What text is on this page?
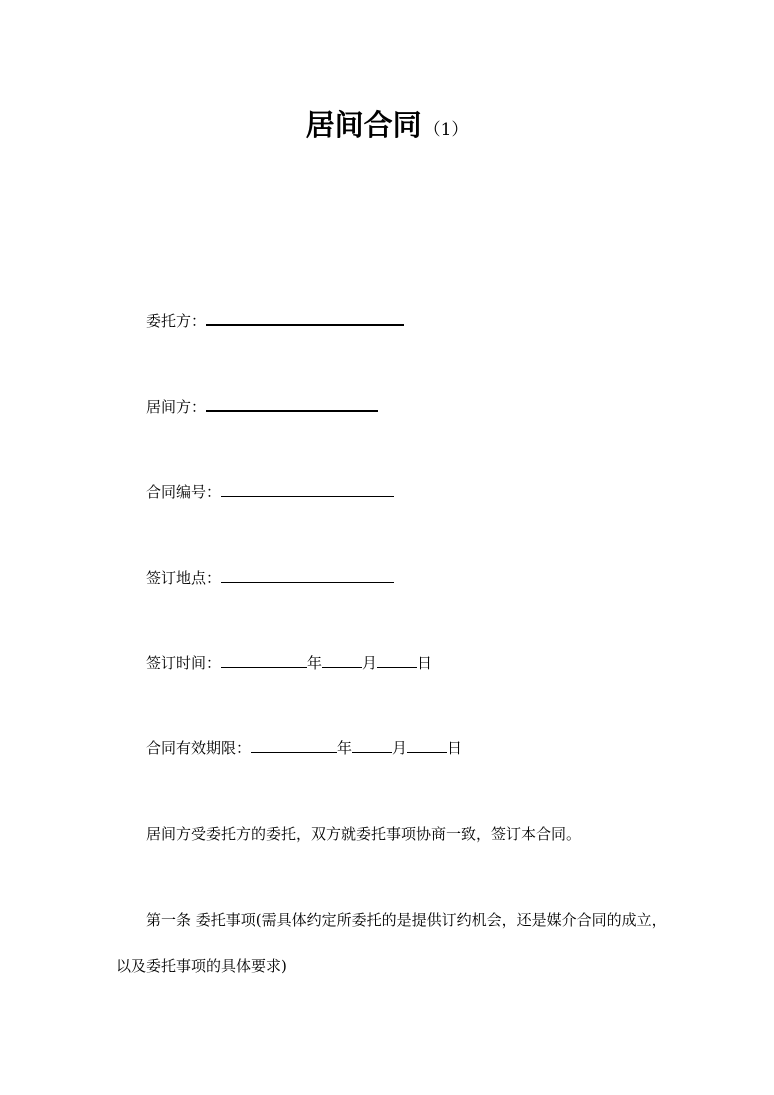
居间合同 （1）
委托方：
居间方：
合同编号：
签订地点：
签订时间：	年	月	日
合同有效期限：	年	月	日
居间方受委托方的委托，双方就委托事项协商一致，签订本合同。
第一条 委托事项(需具体约定所委托的是提供订约机会，还是媒介合同的成立，
以及委托事项的具体要求)
